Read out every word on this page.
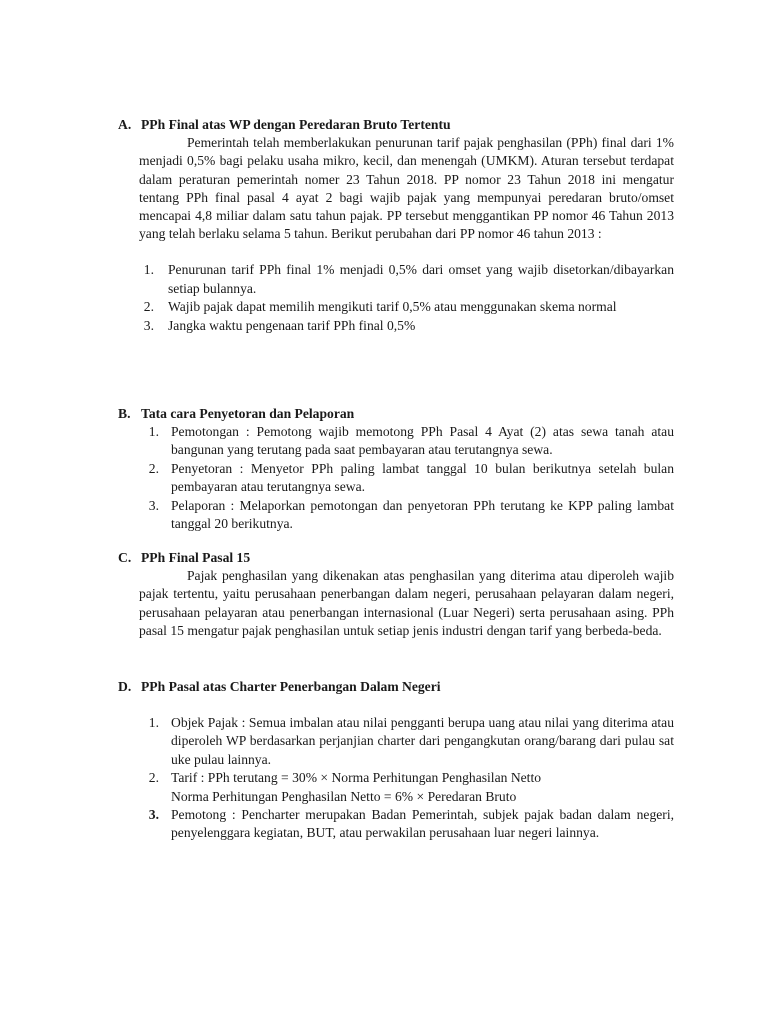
A. PPh Final atas WP dengan Peredaran Bruto Tertentu

Pemerintah telah memberlakukan penurunan tarif pajak penghasilan (PPh) final dari 1% menjadi 0,5% bagi pelaku usaha mikro, kecil, dan menengah (UMKM). Aturan tersebut terdapat dalam peraturan pemerintah nomer 23 Tahun 2018. PP nomor 23 Tahun 2018 ini mengatur tentang PPh final pasal 4 ayat 2 bagi wajib pajak yang mempunyai peredaran bruto/omset mencapai 4,8 miliar dalam satu tahun pajak. PP tersebut menggantikan PP nomor 46 Tahun 2013 yang telah berlaku selama 5 tahun. Berikut perubahan dari PP nomor 46 tahun 2013 :

1.	Penurunan tarif PPh final 1% menjadi 0,5% dari omset yang wajib disetorkan/dibayarkan setiap bulannya.
2.	Wajib pajak dapat memilih mengikuti tarif 0,5% atau menggunakan skema normal
3.	Jangka waktu pengenaan tarif PPh final 0,5%
B. Tata cara Penyetoran dan Pelaporan
1. Pemotongan : Pemotong wajib memotong PPh Pasal 4 Ayat (2) atas sewa tanah atau bangunan yang terutang pada saat pembayaran atau terutangnya sewa.
2. Penyetoran : Menyetor PPh paling lambat tanggal 10 bulan berikutnya setelah bulan pembayaran atau terutangnya sewa.
3. Pelaporan : Melaporkan pemotongan dan penyetoran PPh terutang ke KPP paling lambat tanggal 20 berikutnya.
C. PPh Final Pasal 15

Pajak penghasilan yang dikenakan atas penghasilan yang diterima atau diperoleh wajib pajak tertentu, yaitu perusahaan penerbangan dalam negeri, perusahaan pelayaran dalam negeri, perusahaan pelayaran atau penerbangan internasional (Luar Negeri) serta perusahaan asing. PPh pasal 15 mengatur pajak penghasilan untuk setiap jenis industri dengan tarif yang berbeda-beda.

D. PPh Pasal atas Charter Penerbangan Dalam Negeri
1. Objek Pajak : Semua imbalan atau nilai pengganti berupa uang atau nilai yang diterima atau diperoleh WP berdasarkan perjanjian charter dari pengangkutan orang/barang dari pulau sat uke pulau lainnya.
2. Tarif : PPh terutang = 30% × Norma Perhitungan Penghasilan Netto
Norma Perhitungan Penghasilan Netto = 6% × Peredaran Bruto
3. Pemotong : Pencharter merupakan Badan Pemerintah, subjek pajak badan dalam negeri, penyelenggara kegiatan, BUT, atau perwakilan perusahaan luar negeri lainnya.
